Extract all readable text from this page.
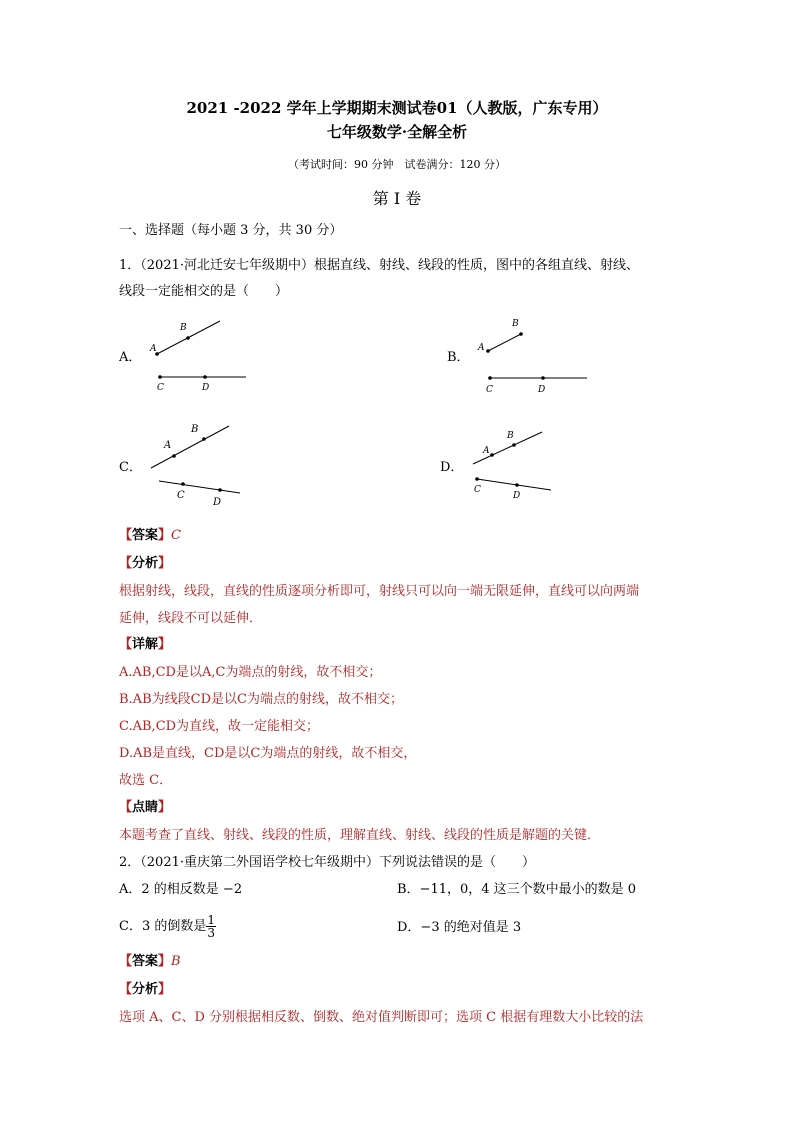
2021 -2022 学年上学期期末测试卷01（人教版，广东专用）
七年级数学·全解全析
（考试时间：90 分钟　试卷满分：120 分）
第 I 卷
一、选择题（每小题 3 分，共 30 分）
1．（2021·河北迁安七年级期中）根据直线、射线、线段的性质，图中的各组直线、射线、
线段一定能相交的是（　　）
A．
A
B
C	D
B．
A
B
C	D
C．
A
B
C
D
D．
A
B
C
D
【答案】C
【分析】
根据射线，线段，直线的性质逐项分析即可，射线只可以向一端无限延伸，直线可以向两端
延伸，线段不可以延伸．
【详解】
A.AB,CD是以A,C为端点的射线，故不相交；
B.AB为线段CD是以C为端点的射线，故不相交；
C.AB,CD为直线，故一定能相交；
D.AB是直线，CD是以C为端点的射线，故不相交，
故选 C．
【点睛】
本题考查了直线、射线、线段的性质，理解直线、射线、线段的性质是解题的关键．
2．（2021·重庆第二外国语学校七年级期中）下列说法错误的是（　　）
A．2 的相反数是 −2	B．−11，0，4 这三个数中最小的数是 0
C．3 的倒数是 $\frac{1}{3}$	D．−3 的绝对值是 3
【答案】B
【分析】
选项 A、C、D 分别根据相反数、倒数、绝对值判断即可；选项 C 根据有理数大小比较的法
